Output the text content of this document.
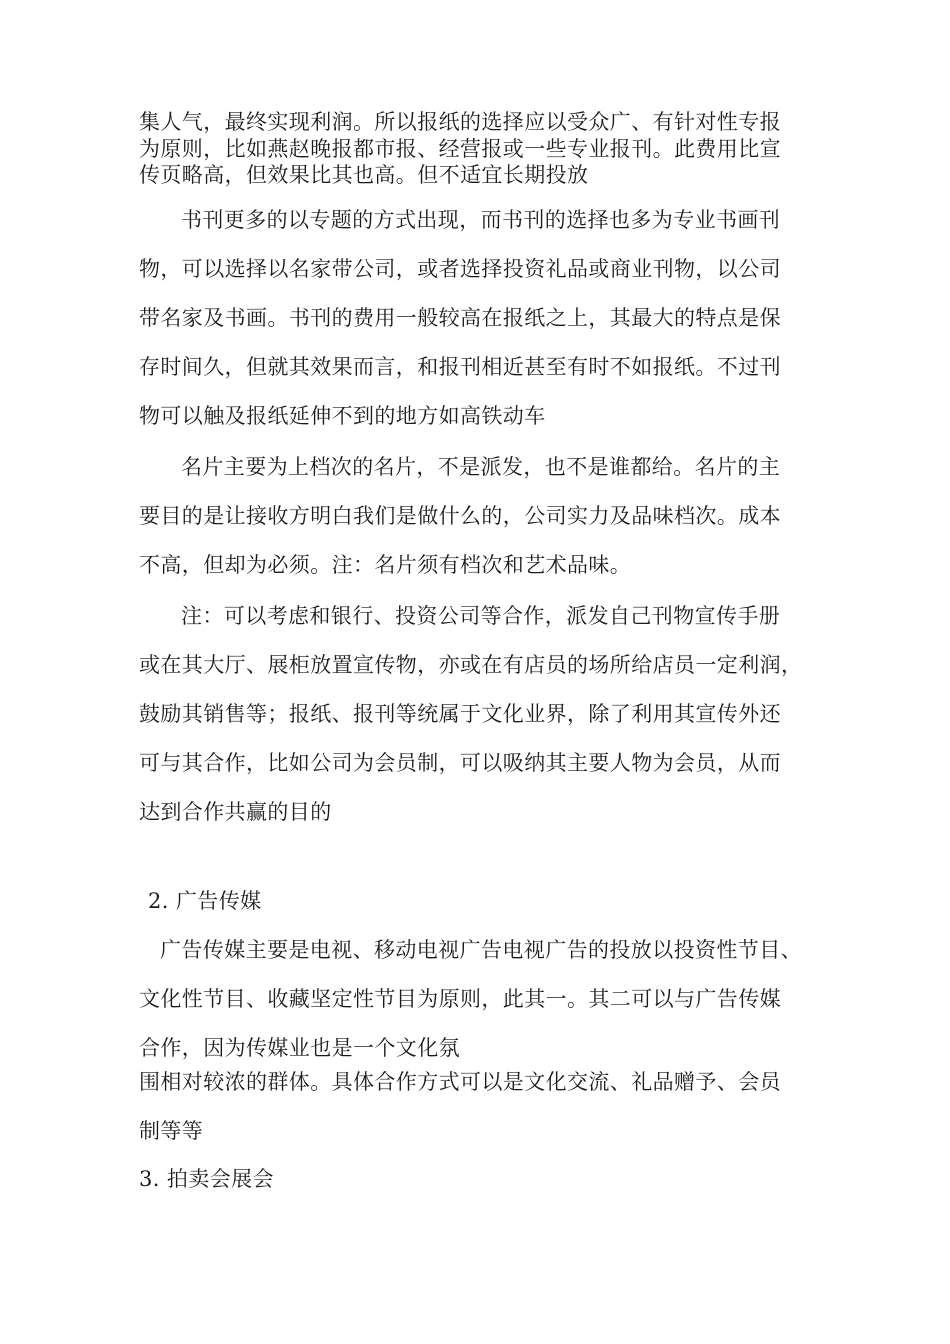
集人气，最终实现利润。所以报纸的选择应以受众广、有针对性专报
为原则，比如燕赵晚报都市报、经营报或一些专业报刊。此费用比宣
传页略高，但效果比其也高。但不适宜长期投放
书刊更多的以专题的方式出现，而书刊的选择也多为专业书画刊
物，可以选择以名家带公司，或者选择投资礼品或商业刊物，以公司
带名家及书画。书刊的费用一般较高在报纸之上，其最大的特点是保
存时间久，但就其效果而言，和报刊相近甚至有时不如报纸。不过刊
物可以触及报纸延伸不到的地方如高铁动车
名片主要为上档次的名片，不是派发，也不是谁都给。名片的主
要目的是让接收方明白我们是做什么的，公司实力及品味档次。成本
不高，但却为必须。注：名片须有档次和艺术品味。
注：可以考虑和银行、投资公司等合作，派发自己刊物宣传手册
或在其大厅、展柜放置宣传物，亦或在有店员的场所给店员一定利润，
鼓励其销售等；报纸、报刊等统属于文化业界，除了利用其宣传外还
可与其合作，比如公司为会员制，可以吸纳其主要人物为会员，从而
达到合作共赢的目的
2. 广告传媒
广告传媒主要是电视、移动电视广告电视广告的投放以投资性节目、
文化性节目、收藏坚定性节目为原则，此其一。其二可以与广告传媒
合作，因为传媒业也是一个文化氛
围相对较浓的群体。具体合作方式可以是文化交流、礼品赠予、会员
制等等
3. 拍卖会展会
